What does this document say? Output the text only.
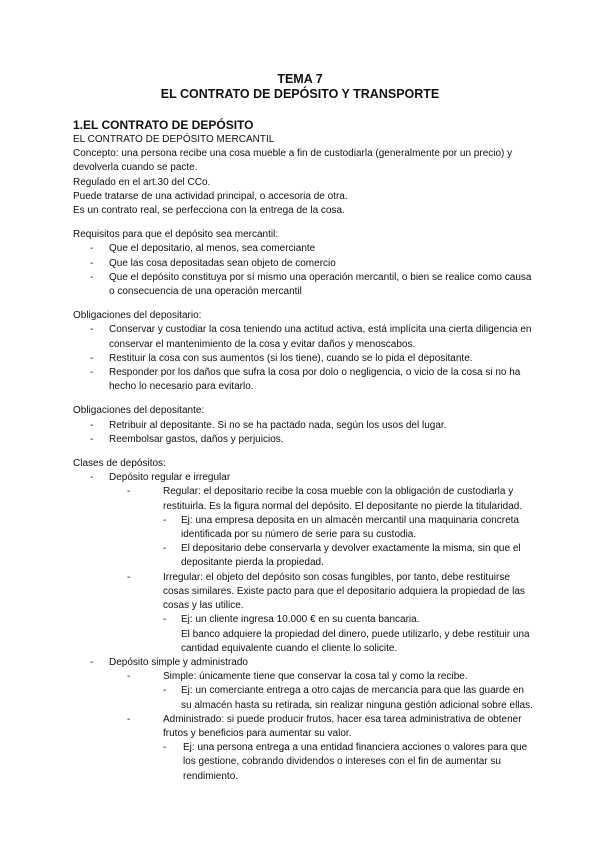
TEMA 7
EL CONTRATO DE DEPÓSITO Y TRANSPORTE
1.EL CONTRATO DE DEPÓSITO
EL CONTRATO DE DEPÓSITO MERCANTIL
Concepto: una persona recibe una cosa mueble a fin de custodiarla (generalmente por un precio) y
devolverla cuando se pacte.
Regulado en el art.30 del CCo.
Puede tratarse de una actividad principal, o accesoria de otra.
Es un contrato real, se perfecciona con la entrega de la cosa.
Requisitos para que el depósito sea mercantil:
- Que el depositario, al menos, sea comerciante
- Que las cosa depositadas sean objeto de comercio
- Que el depósito constituya por sí mismo una operación mercantil, o bien se realice como causa o consecuencia de una operación mercantil
Obligaciones del depositario:
- Conservar y custodiar la cosa teniendo una actitud activa, está implícita una cierta diligencia en conservar el mantenimiento de la cosa y evitar daños y menoscabos.
- Restituir la cosa con sus aumentos (si los tiene), cuando se lo pida el depositante.
- Responder por los daños que sufra la cosa por dolo o negligencia, o vicio de la cosa si no ha hecho lo necesario para evitarlo.
Obligaciones del depositante:
- Retribuir al depositante. Si no se ha pactado nada, según los usos del lugar.
- Reembolsar gastos, daños y perjuicios.
Clases de depósitos:
- Depósito regular e irregular
-	Regular: el depositario recibe la cosa mueble con la obligación de custodiarla y restituirla. Es la figura normal del depósito. El depositante no pierde la titularidad.
- Ej: una empresa deposita en un almacén mercantil una maquinaria concreta identificada por su número de serie para su custodia.
- El depositario debe conservarla y devolver exactamente la misma, sin que el depositante pierda la propiedad.
-	Irregular: el objeto del depósito son cosas fungibles, por tanto, debe restituirse cosas similares. Existe pacto para que el depositario adquiera la propiedad de las cosas y las utilice.
- Ej: un cliente ingresa 10.000 € en su cuenta bancaria.
El banco adquiere la propiedad del dinero, puede utilizarlo, y debe restituir una cantidad equivalente cuando el cliente lo solicite.
- Depósito simple y administrado
-	Simple: únicamente tiene que conservar la cosa tal y como la recibe.
- Ej: un comerciante entrega a otro cajas de mercancía para que las guarde en su almacén hasta su retirada, sin realizar ninguna gestión adicional sobre ellas.
-	Administrado: si puede producir frutos, hacer esa tarea administrativa de obtener frutos y beneficios para aumentar su valor.
- Ej: una persona entrega a una entidad financiera acciones o valores para que los gestione, cobrando dividendos o intereses con el fin de aumentar su rendimiento.
